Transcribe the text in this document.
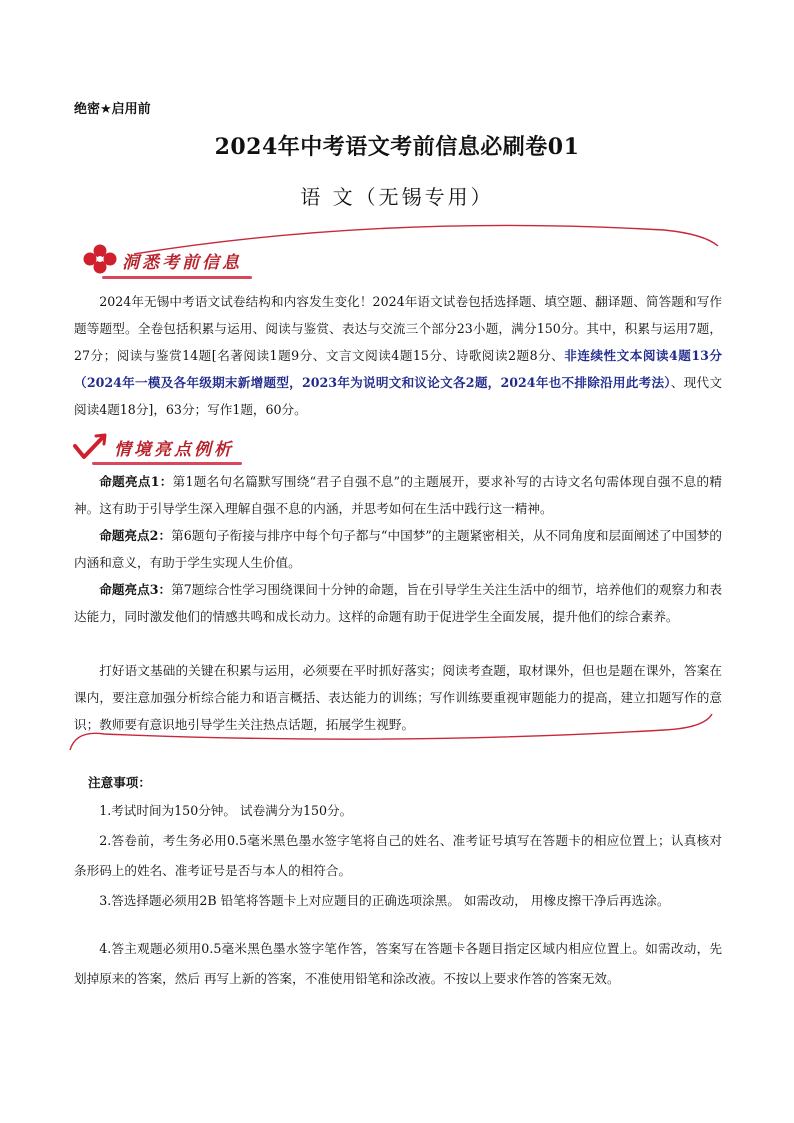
绝密★启用前
2024年中考语文考前信息必刷卷01
语 文（无锡专用）
洞悉考前信息
2024年无锡中考语文试卷结构和内容发生变化！2024年语文试卷包括选择题、填空题、翻译题、简答题和写作题等题型。全卷包括积累与运用、阅读与鉴赏、表达与交流三个部分23小题，满分150分。其中，积累与运用7题，27分；阅读与鉴赏14题[名著阅读1题9分、文言文阅读4题15分、诗歌阅读2题8分、非连续性文本阅读4题13分（2024年一模及各年级期末新增题型，2023年为说明文和议论文各2题，2024年也不排除沿用此考法）、现代文阅读4题18分]，63分；写作1题，60分。
情境亮点例析
命题亮点1：第1题名句名篇默写围绕“君子自强不息”的主题展开，要求补写的古诗文名句需体现自强不息的精神。这有助于引导学生深入理解自强不息的内涵，并思考如何在生活中践行这一精神。
命题亮点2：第6题句子衔接与排序中每个句子都与“中国梦”的主题紧密相关，从不同角度和层面阐述了中国梦的内涵和意义，有助于学生实现人生价值。
命题亮点3：第7题综合性学习围绕课间十分钟的命题，旨在引导学生关注生活中的细节，培养他们的观察力和表达能力，同时激发他们的情感共鸣和成长动力。这样的命题有助于促进学生全面发展，提升他们的综合素养。
打好语文基础的关键在积累与运用，必须要在平时抓好落实；阅读考查题，取材课外，但也是题在课外，答案在课内，要注意加强分析综合能力和语言概括、表达能力的训练；写作训练要重视审题能力的提高，建立扣题写作的意识；教师要有意识地引导学生关注热点话题，拓展学生视野。
注意事项：
1.考试时间为150分钟。 试卷满分为150分。
2.答卷前，考生务必用0.5毫米黑色墨水签字笔将自己的姓名、准考证号填写在答题卡的相应位置上；认真核对条形码上的姓名、准考证号是否与本人的相符合。
3.答选择题必须用2B 铅笔将答题卡上对应题目的正确选项涂黑。 如需改动， 用橡皮擦干净后再选涂。
4.答主观题必须用0.5毫米黑色墨水签字笔作答，答案写在答题卡各题目指定区域内相应位置上。如需改动，先划掉原来的答案，然后 再写上新的答案，不准使用铅笔和涂改液。不按以上要求作答的答案无效。
